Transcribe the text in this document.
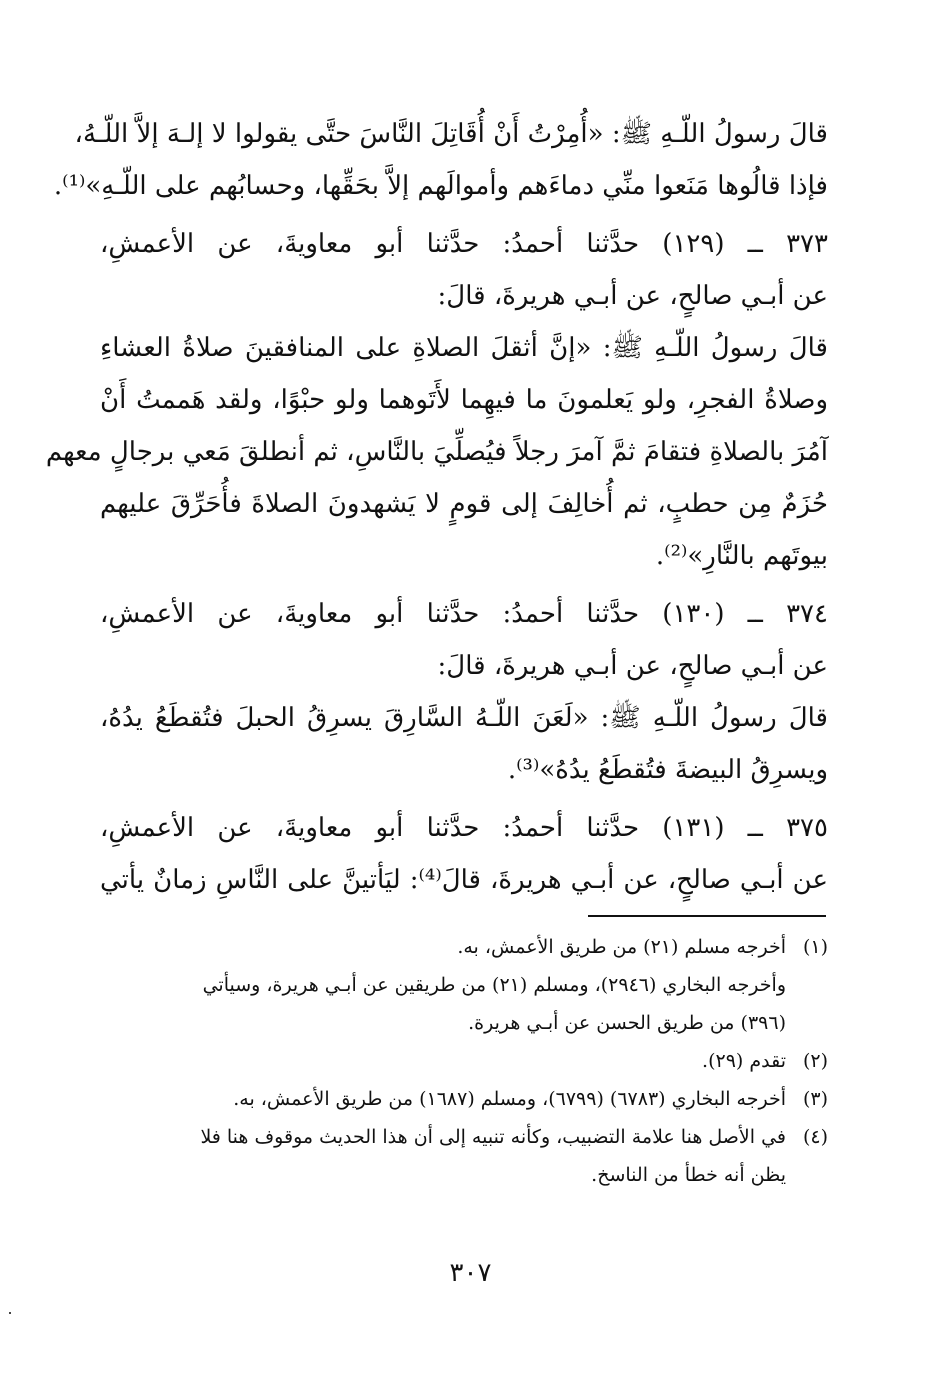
قالَ رسولُ اللّـهِ ﷺ: «أُمِرْتُ أَنْ أُقَاتِلَ النَّاسَ حتَّى يقولوا لا إلـهَ إلاَّ اللّـهُ،
فإذا قالُوها مَنَعوا منِّي دماءَهم وأموالَهم إلاَّ بحَقِّها، وحسابُهم على اللّـهِ»⁽¹⁾.
٣٧٣ ــ (١٢٩) حدَّثنا أحمدُ: حدَّثنا أبو معاويةَ، عن الأعمشِ،
عن أبـي صالحٍ، عن أبـي هريرةَ، قالَ:
قالَ رسولُ اللّـهِ ﷺ: «إنَّ أثقلَ الصلاةِ على المنافقينَ صلاةُ العشاءِ
وصلاةُ الفجرِ، ولو يَعلمونَ ما فيهِما لأَتَوهما ولو حبْوًا، ولقد هَممتُ أَنْ
آمُرَ بالصلاةِ فتقامَ ثمَّ آمرَ رجلاً فيُصلِّيَ بالنَّاسِ، ثم أنطلقَ مَعي برجالٍ معهم
حُزَمٌ مِن حطبٍ، ثم أُخالِفَ إلى قومٍ لا يَشهدونَ الصلاةَ فأُحَرِّقَ عليهم
بيوتَهم بالنَّارِ»⁽²⁾.
٣٧٤ ــ (١٣٠) حدَّثنا أحمدُ: حدَّثنا أبو معاويةَ، عن الأعمشِ،
عن أبـي صالحٍ، عن أبـي هريرةَ، قالَ:
قالَ رسولُ اللّـهِ ﷺ: «لَعَنَ اللّـهُ السَّارِقَ يسرِقُ الحبلَ فتُقطَعُ يدُهُ،
ويسرِقُ البيضةَ فتُقطَعُ يدُهُ»⁽³⁾.
٣٧٥ ــ (١٣١) حدَّثنا أحمدُ: حدَّثنا أبو معاويةَ، عن الأعمشِ،
عن أبـي صالحٍ، عن أبـي هريرةَ، قالَ⁽⁴⁾: ليَأتينَّ على النَّاسِ زمانٌ يأتي
(١)أخرجه مسلم (٢١) من طريق الأعمش، به.
وأخرجه البخاري (٢٩٤٦)، ومسلم (٢١) من طريقين عن أبـي هريرة، وسيأتي
(٣٩٦) من طريق الحسن عن أبـي هريرة.
(٢)تقدم (٢٩).
(٣)أخرجه البخاري (٦٧٨٣) (٦٧٩٩)، ومسلم (١٦٨٧) من طريق الأعمش، به.
(٤)في الأصل هنا علامة التضبيب، وكأنه تنبيه إلى أن هذا الحديث موقوف هنا فلا
يظن أنه خطأ من الناسخ.
٣٠٧
